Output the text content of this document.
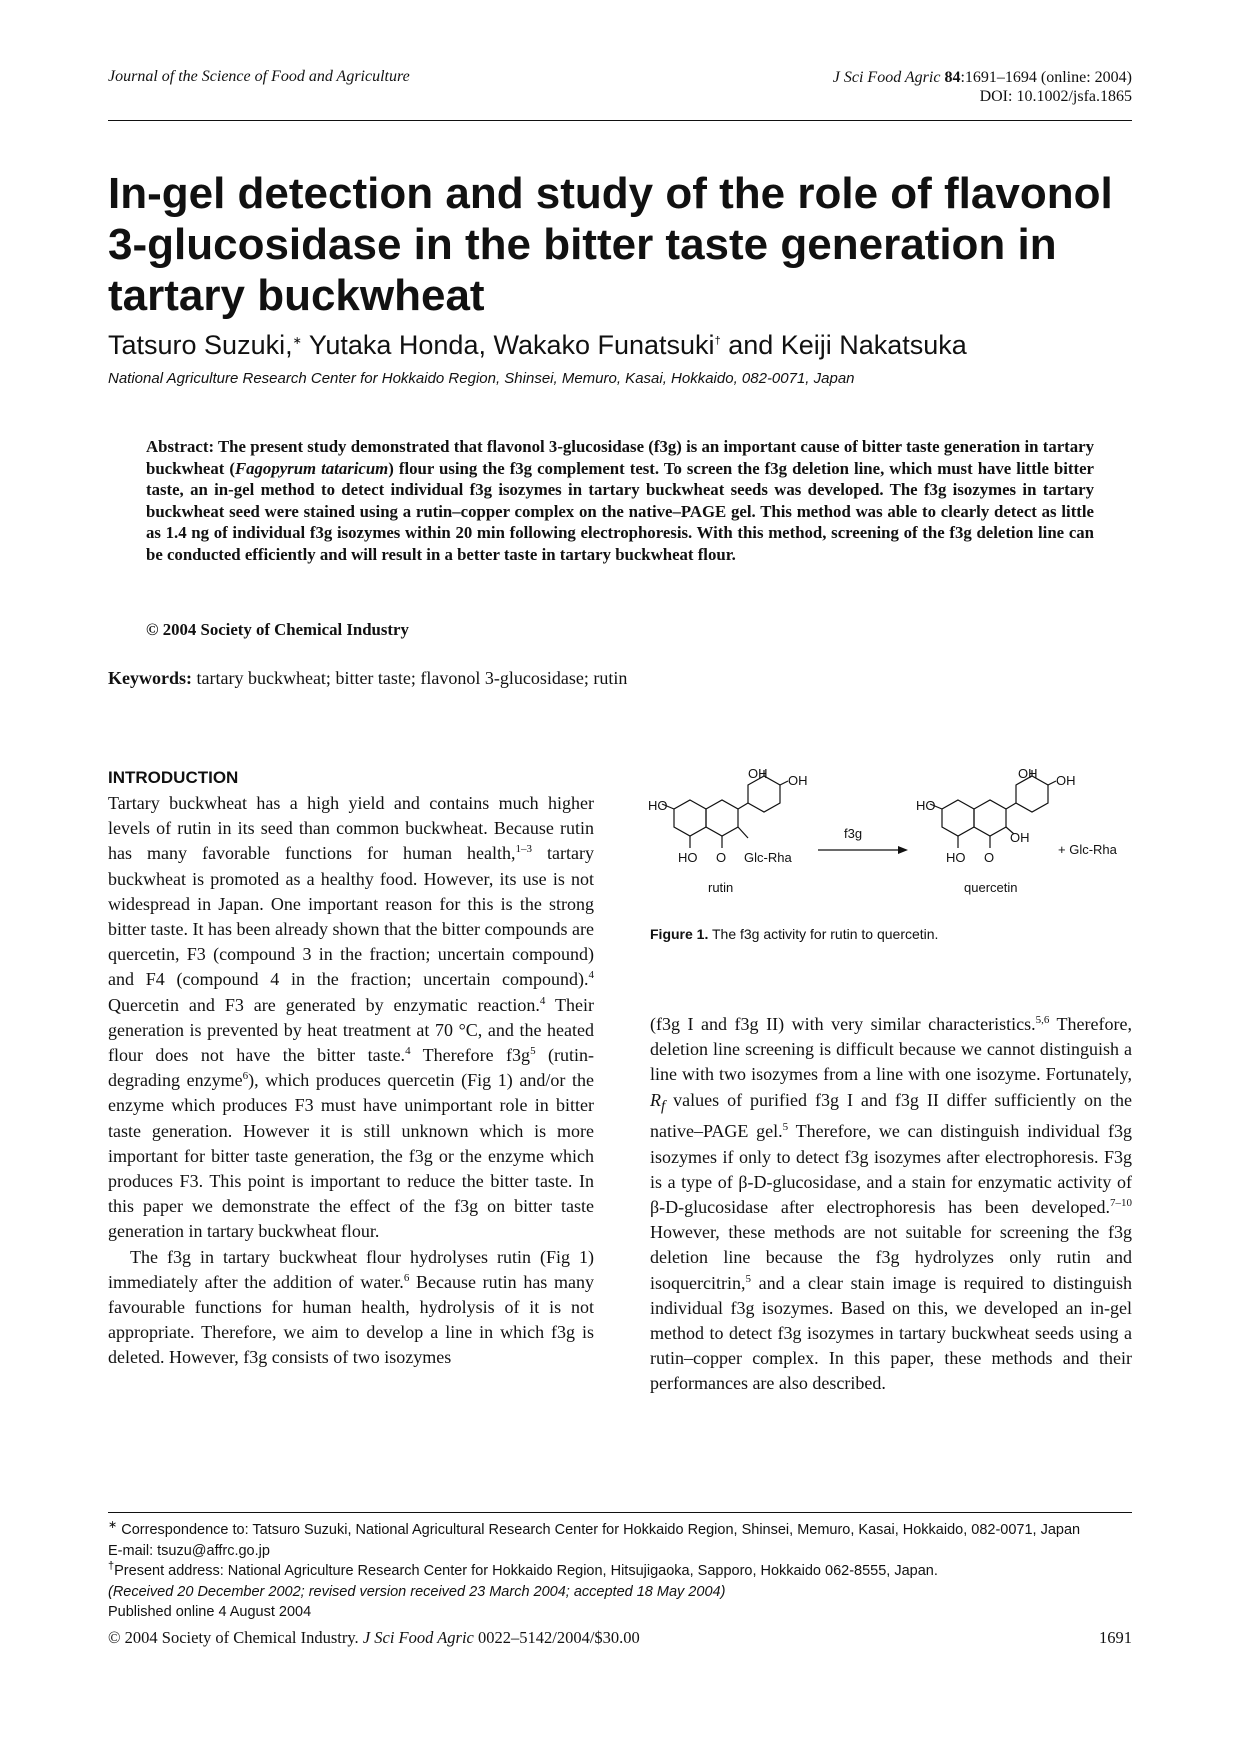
Journal of the Science of Food and Agriculture	J Sci Food Agric 84:1691–1694 (online: 2004)
DOI: 10.1002/jsfa.1865
In-gel detection and study of the role of flavonol 3-glucosidase in the bitter taste generation in tartary buckwheat
Tatsuro Suzuki,∗ Yutaka Honda, Wakako Funatsuki† and Keiji Nakatsuka
National Agriculture Research Center for Hokkaido Region, Shinsei, Memuro, Kasai, Hokkaido, 082-0071, Japan
Abstract: The present study demonstrated that flavonol 3-glucosidase (f3g) is an important cause of bitter taste generation in tartary buckwheat (Fagopyrum tataricum) flour using the f3g complement test. To screen the f3g deletion line, which must have little bitter taste, an in-gel method to detect individual f3g isozymes in tartary buckwheat seeds was developed. The f3g isozymes in tartary buckwheat seed were stained using a rutin–copper complex on the native–PAGE gel. This method was able to clearly detect as little as 1.4 ng of individual f3g isozymes within 20 min following electrophoresis. With this method, screening of the f3g deletion line can be conducted efficiently and will result in a better taste in tartary buckwheat flour.
© 2004 Society of Chemical Industry
Keywords: tartary buckwheat; bitter taste; flavonol 3-glucosidase; rutin
INTRODUCTION

Tartary buckwheat has a high yield and contains much higher levels of rutin in its seed than common buckwheat. Because rutin has many favorable functions for human health,$^{1-3}$ tartary buckwheat is promoted as a healthy food. However, its use is not widespread in Japan. One important reason for this is the strong bitter taste. It has been already shown that the bitter compounds are quercetin, F3 (compound 3 in the fraction; uncertain compound) and F4 (compound 4 in the fraction; uncertain compound).$^4$ Quercetin and F3 are generated by enzymatic reaction.$^4$ Their generation is prevented by heat treatment at 70 °C, and the heated flour does not have the bitter taste.$^4$ Therefore $f3g^5$ (rutin-degrading enzyme$^6$), which produces quercetin (Fig 1) and/or the enzyme which produces F3 must have unimportant role in bitter taste generation. However it is still unknown which is more important for bitter taste generation, the f3g or the enzyme which produces F3. This point is important to reduce the bitter taste. In this paper we demonstrate the effect of the f3g on bitter taste generation in tartary buckwheat flour.

The f3g in tartary buckwheat flour hydrolyses rutin (Fig 1) immediately after the addition of water.$^6$ Because rutin has many favourable functions for human health, hydrolysis of it is not appropriate. Therefore, we aim to develop a line in which f3g is deleted. However, f3g consists of two isozymes

OH OH
HO
HO O Glc-Rha
rutin
f3g
OH OH
HO
OH
HO O
+ Glc-Rha
quercetin
Figure 1. The f3g activity for rutin to quercetin.

(f3g I and f3g II) with very similar characteristics.$^{5,6}$ Therefore, deletion line screening is difficult because we cannot distinguish a line with two isozymes from a line with one isozyme. Fortunately, $R_f$ values of purified f3g I and f3g II differ sufficiently on the native–PAGE gel.$^5$ Therefore, we can distinguish individual f3g isozymes if only to detect f3g isozymes after electrophoresis. F3g is a type of β-D-glucosidase, and a stain for enzymatic activity of β-D-glucosidase after electrophoresis has been developed.$^{7-10}$ However, these methods are not suitable for screening the f3g deletion line because the f3g hydrolyzes only rutin and isoquercitrin,$^5$ and a clear stain image is required to distinguish individual f3g isozymes. Based on this, we developed an in-gel method to detect f3g isozymes in tartary buckwheat seeds using a rutin–copper complex. In this paper, these methods and their performances are also described.

∗ Correspondence to: Tatsuro Suzuki, National Agricultural Research Center for Hokkaido Region, Shinsei, Memuro, Kasai, Hokkaido, 082-0071, Japan
E-mail: tsuzu@affrc.go.jp
†Present address: National Agriculture Research Center for Hokkaido Region, Hitsujigaoka, Sapporo, Hokkaido 062-8555, Japan.
(Received 20 December 2002; revised version received 23 March 2004; accepted 18 May 2004)
Published online 4 August 2004
© 2004 Society of Chemical Industry. J Sci Food Agric 0022–5142/2004/$30.00	1691
